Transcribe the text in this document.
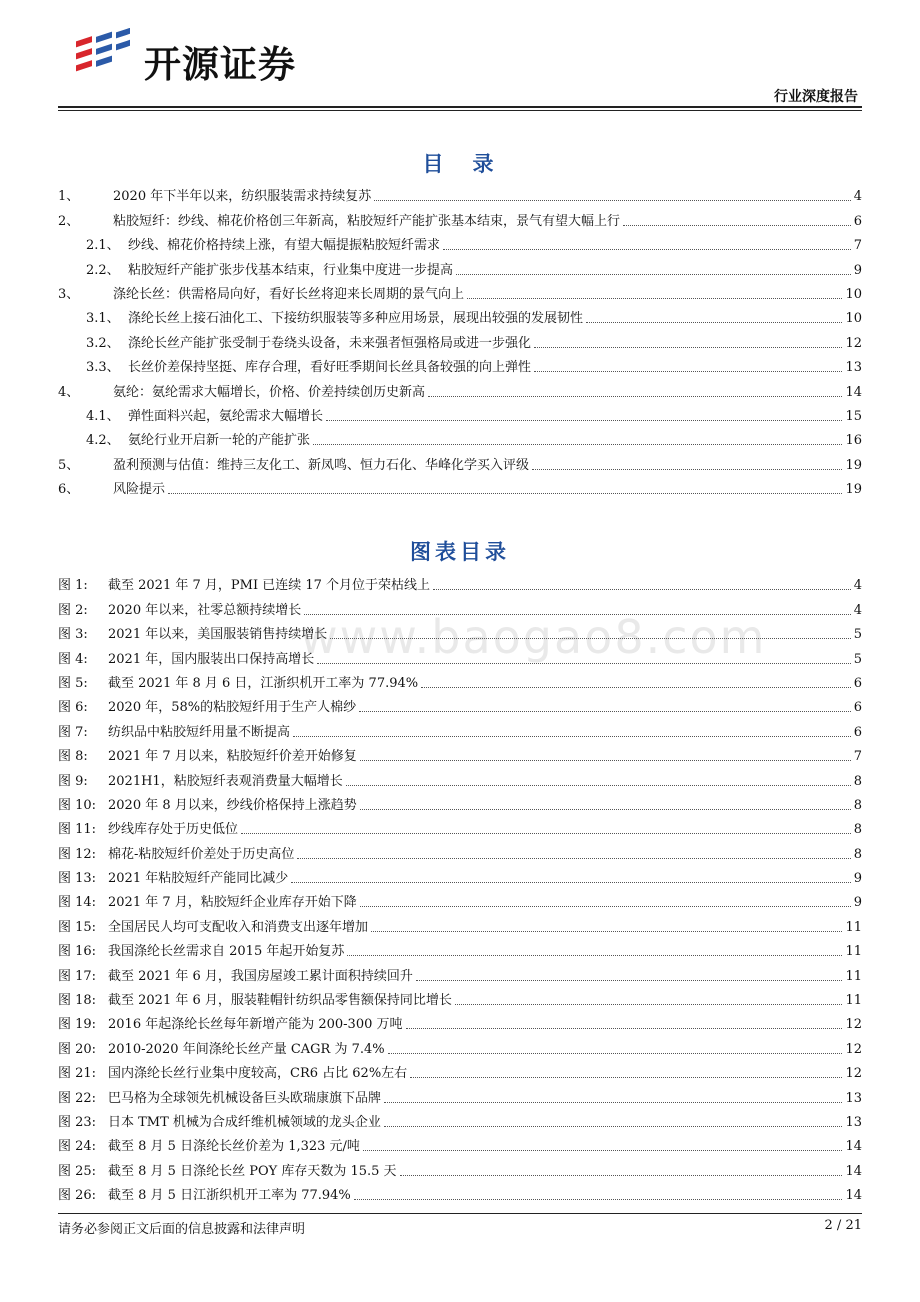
开源证券
行业深度报告
目　录
1、	2020 年下半年以来，纺织服装需求持续复苏	4
2、	粘胶短纤：纱线、棉花价格创三年新高，粘胶短纤产能扩张基本结束，景气有望大幅上行	6
2.1、 纱线、棉花价格持续上涨，有望大幅提振粘胶短纤需求	7
2.2、 粘胶短纤产能扩张步伐基本结束，行业集中度进一步提高	9
3、	涤纶长丝：供需格局向好，看好长丝将迎来长周期的景气向上	10
3.1、 涤纶长丝上接石油化工、下接纺织服装等多种应用场景，展现出较强的发展韧性	10
3.2、 涤纶长丝产能扩张受制于卷绕头设备，未来强者恒强格局或进一步强化	12
3.3、 长丝价差保持坚挺、库存合理，看好旺季期间长丝具备较强的向上弹性	13
4、	氨纶：氨纶需求大幅增长，价格、价差持续创历史新高	14
4.1、 弹性面料兴起，氨纶需求大幅增长	15
4.2、 氨纶行业开启新一轮的产能扩张	16
5、	盈利预测与估值：维持三友化工、新凤鸣、恒力石化、华峰化学买入评级	19
6、	风险提示	19
图表目录
图 1:	截至 2021 年 7 月，PMI 已连续 17 个月位于荣枯线上	4
图 2:	2020 年以来，社零总额持续增长	4
图 3:	2021 年以来，美国服装销售持续增长	5
图 4:	2021 年，国内服装出口保持高增长	5
图 5:	截至 2021 年 8 月 6 日，江浙织机开工率为 77.94%	6
图 6:	2020 年，58%的粘胶短纤用于生产人棉纱	6
图 7:	纺织品中粘胶短纤用量不断提高	6
图 8:	2021 年 7 月以来，粘胶短纤价差开始修复	7
图 9:	2021H1，粘胶短纤表观消费量大幅增长	8
图 10: 2020 年 8 月以来，纱线价格保持上涨趋势	8
图 11: 纱线库存处于历史低位	8
图 12: 棉花-粘胶短纤价差处于历史高位	8
图 13: 2021 年粘胶短纤产能同比减少	9
图 14: 2021 年 7 月，粘胶短纤企业库存开始下降	9
图 15: 全国居民人均可支配收入和消费支出逐年增加	11
图 16: 我国涤纶长丝需求自 2015 年起开始复苏	11
图 17: 截至 2021 年 6 月，我国房屋竣工累计面积持续回升	11
图 18: 截至 2021 年 6 月，服装鞋帽针纺织品零售额保持同比增长	11
图 19: 2016 年起涤纶长丝每年新增产能为 200-300 万吨	12
图 20: 2010-2020 年间涤纶长丝产量 CAGR 为 7.4%	12
图 21: 国内涤纶长丝行业集中度较高，CR6 占比 62%左右	12
图 22: 巴马格为全球领先机械设备巨头欧瑞康旗下品牌	13
图 23: 日本 TMT 机械为合成纤维机械领域的龙头企业	13
图 24: 截至 8 月 5 日涤纶长丝价差为 1,323 元/吨	14
图 25: 截至 8 月 5 日涤纶长丝 POY 库存天数为 15.5 天	14
图 26: 截至 8 月 5 日江浙织机开工率为 77.94%	14
www.baogao8.com
请务必参阅正文后面的信息披露和法律声明	2 / 21
